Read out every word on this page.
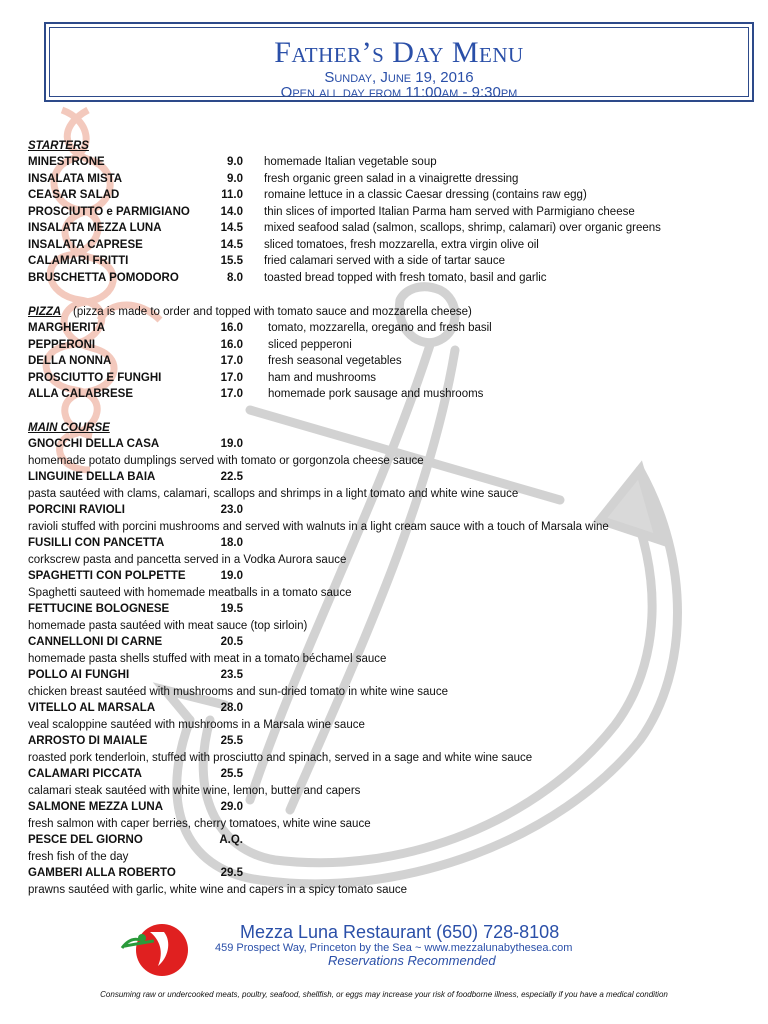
Father’s Day Menu
Sunday, June 19, 2016
Open all day from 11:00am - 9:30pm
STARTERS
MINESTRONE	9.0 homemade Italian vegetable soup
INSALATA MISTA	9.0 fresh organic green salad in a vinaigrette dressing
CEASAR SALAD	11.0 romaine lettuce in a classic Caesar dressing (contains raw egg)
PROSCIUTTO e PARMIGIANO	14.0 thin slices of imported Italian Parma ham served with Parmigiano cheese
INSALATA MEZZA LUNA	14.5 mixed seafood salad (salmon, scallops, shrimp, calamari) over organic greens
INSALATA CAPRESE	14.5 sliced tomatoes, fresh mozzarella, extra virgin olive oil
CALAMARI FRITTI	15.5 fried calamari served with a side of tartar sauce
BRUSCHETTA POMODORO	8.0 toasted bread topped with fresh tomato, basil and garlic
PIZZA (pizza is made to order and topped with tomato sauce and mozzarella cheese)
MARGHERITA	16.0 tomato, mozzarella, oregano and fresh basil
PEPPERONI	16.0 sliced pepperoni
DELLA NONNA	17.0 fresh seasonal vegetables
PROSCIUTTO E FUNGHI	17.0 ham and mushrooms
ALLA CALABRESE	17.0 homemade pork sausage and mushrooms
MAIN COURSE
GNOCCHI DELLA CASA	19.0
homemade potato dumplings served with tomato or gorgonzola cheese sauce
LINGUINE DELLA BAIA	22.5
pasta sautéed with clams, calamari, scallops and shrimps in a light tomato and white wine sauce
PORCINI RAVIOLI	23.0
ravioli stuffed with porcini mushrooms and served with walnuts in a light cream sauce with a touch of Marsala wine
FUSILLI CON PANCETTA	18.0
corkscrew pasta and pancetta served in a Vodka Aurora sauce
SPAGHETTI CON POLPETTE	19.0
Spaghetti sauteed with homemade meatballs in a tomato sauce
FETTUCINE BOLOGNESE	19.5
homemade pasta sautéed with meat sauce (top sirloin)
CANNELLONI DI CARNE	20.5
homemade pasta shells stuffed with meat in a tomato béchamel sauce
POLLO AI FUNGHI	23.5
chicken breast sautéed with mushrooms and sun-dried tomato in white wine sauce
VITELLO AL MARSALA	28.0
veal scaloppine sautéed with mushrooms in a Marsala wine sauce
ARROSTO DI MAIALE	25.5
roasted pork tenderloin, stuffed with prosciutto and spinach, served in a sage and white wine sauce
CALAMARI PICCATA	25.5
calamari steak sautéed with white wine, lemon, butter and capers
SALMONE MEZZA LUNA	29.0
fresh salmon with caper berries, cherry tomatoes, white wine sauce
PESCE DEL GIORNO	A.Q.
fresh fish of the day
GAMBERI ALLA ROBERTO	29.5
prawns sautéed with garlic, white wine and capers in a spicy tomato sauce
Mezza Luna Restaurant (650) 728-8108
459 Prospect Way, Princeton by the Sea ~ www.mezzalunabythesea.com
Reservations Recommended
Consuming raw or undercooked meats, poultry, seafood, shellfish, or eggs may increase your risk of foodborne illness, especially if you have a medical condition
